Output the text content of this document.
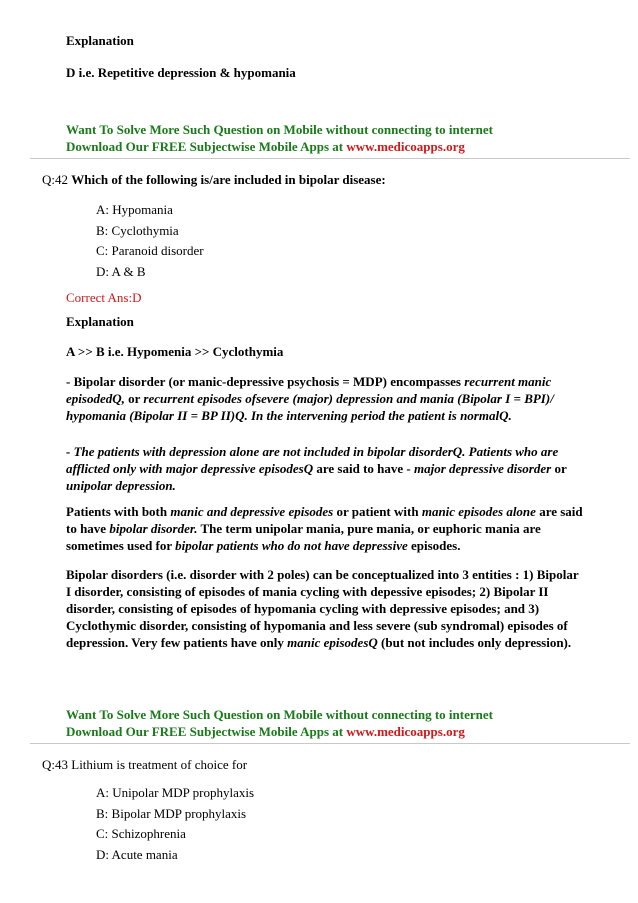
Explanation
D i.e. Repetitive depression & hypomania
Want To Solve More Such Question on Mobile without connecting to internet
Download Our FREE Subjectwise Mobile Apps at www.medicoapps.org
Q:42 Which of the following is/are included in bipolar disease:
A: Hypomania
B: Cyclothymia
C: Paranoid disorder
D: A & B
Correct Ans:D
Explanation
A >> B i.e. Hypomenia >> Cyclothymia
- Bipolar disorder (or manic-depressive psychosis = MDP) encompasses recurrent manic episodedQ, or recurrent episodes ofsevere (major) depression and mania (Bipolar I = BPI)/ hypomania (Bipolar II = BP II)Q. In the intervening period the patient is normalQ.
- The patients with depression alone are not included in bipolar disorderQ. Patients who are afflicted only with major depressive episodesQ are said to have - major depressive disorder or unipolar depression.
Patients with both manic and depressive episodes or patient with manic episodes alone are said to have bipolar disorder. The term unipolar mania, pure mania, or euphoric mania are sometimes used for bipolar patients who do not have depressive episodes.
Bipolar disorders (i.e. disorder with 2 poles) can be conceptualized into 3 entities : 1) Bipolar I disorder, consisting of episodes of mania cycling with depessive episodes; 2) Bipolar II disorder, consisting of episodes of hypomania cycling with depressive episodes; and 3) Cyclothymic disorder, consisting of hypomania and less severe (sub syndromal) episodes of depression. Very few patients have only manic episodesQ (but not includes only depression).
Want To Solve More Such Question on Mobile without connecting to internet
Download Our FREE Subjectwise Mobile Apps at www.medicoapps.org
Q:43 Lithium is treatment of choice for
A: Unipolar MDP prophylaxis
B: Bipolar MDP prophylaxis
C: Schizophrenia
D: Acute mania
